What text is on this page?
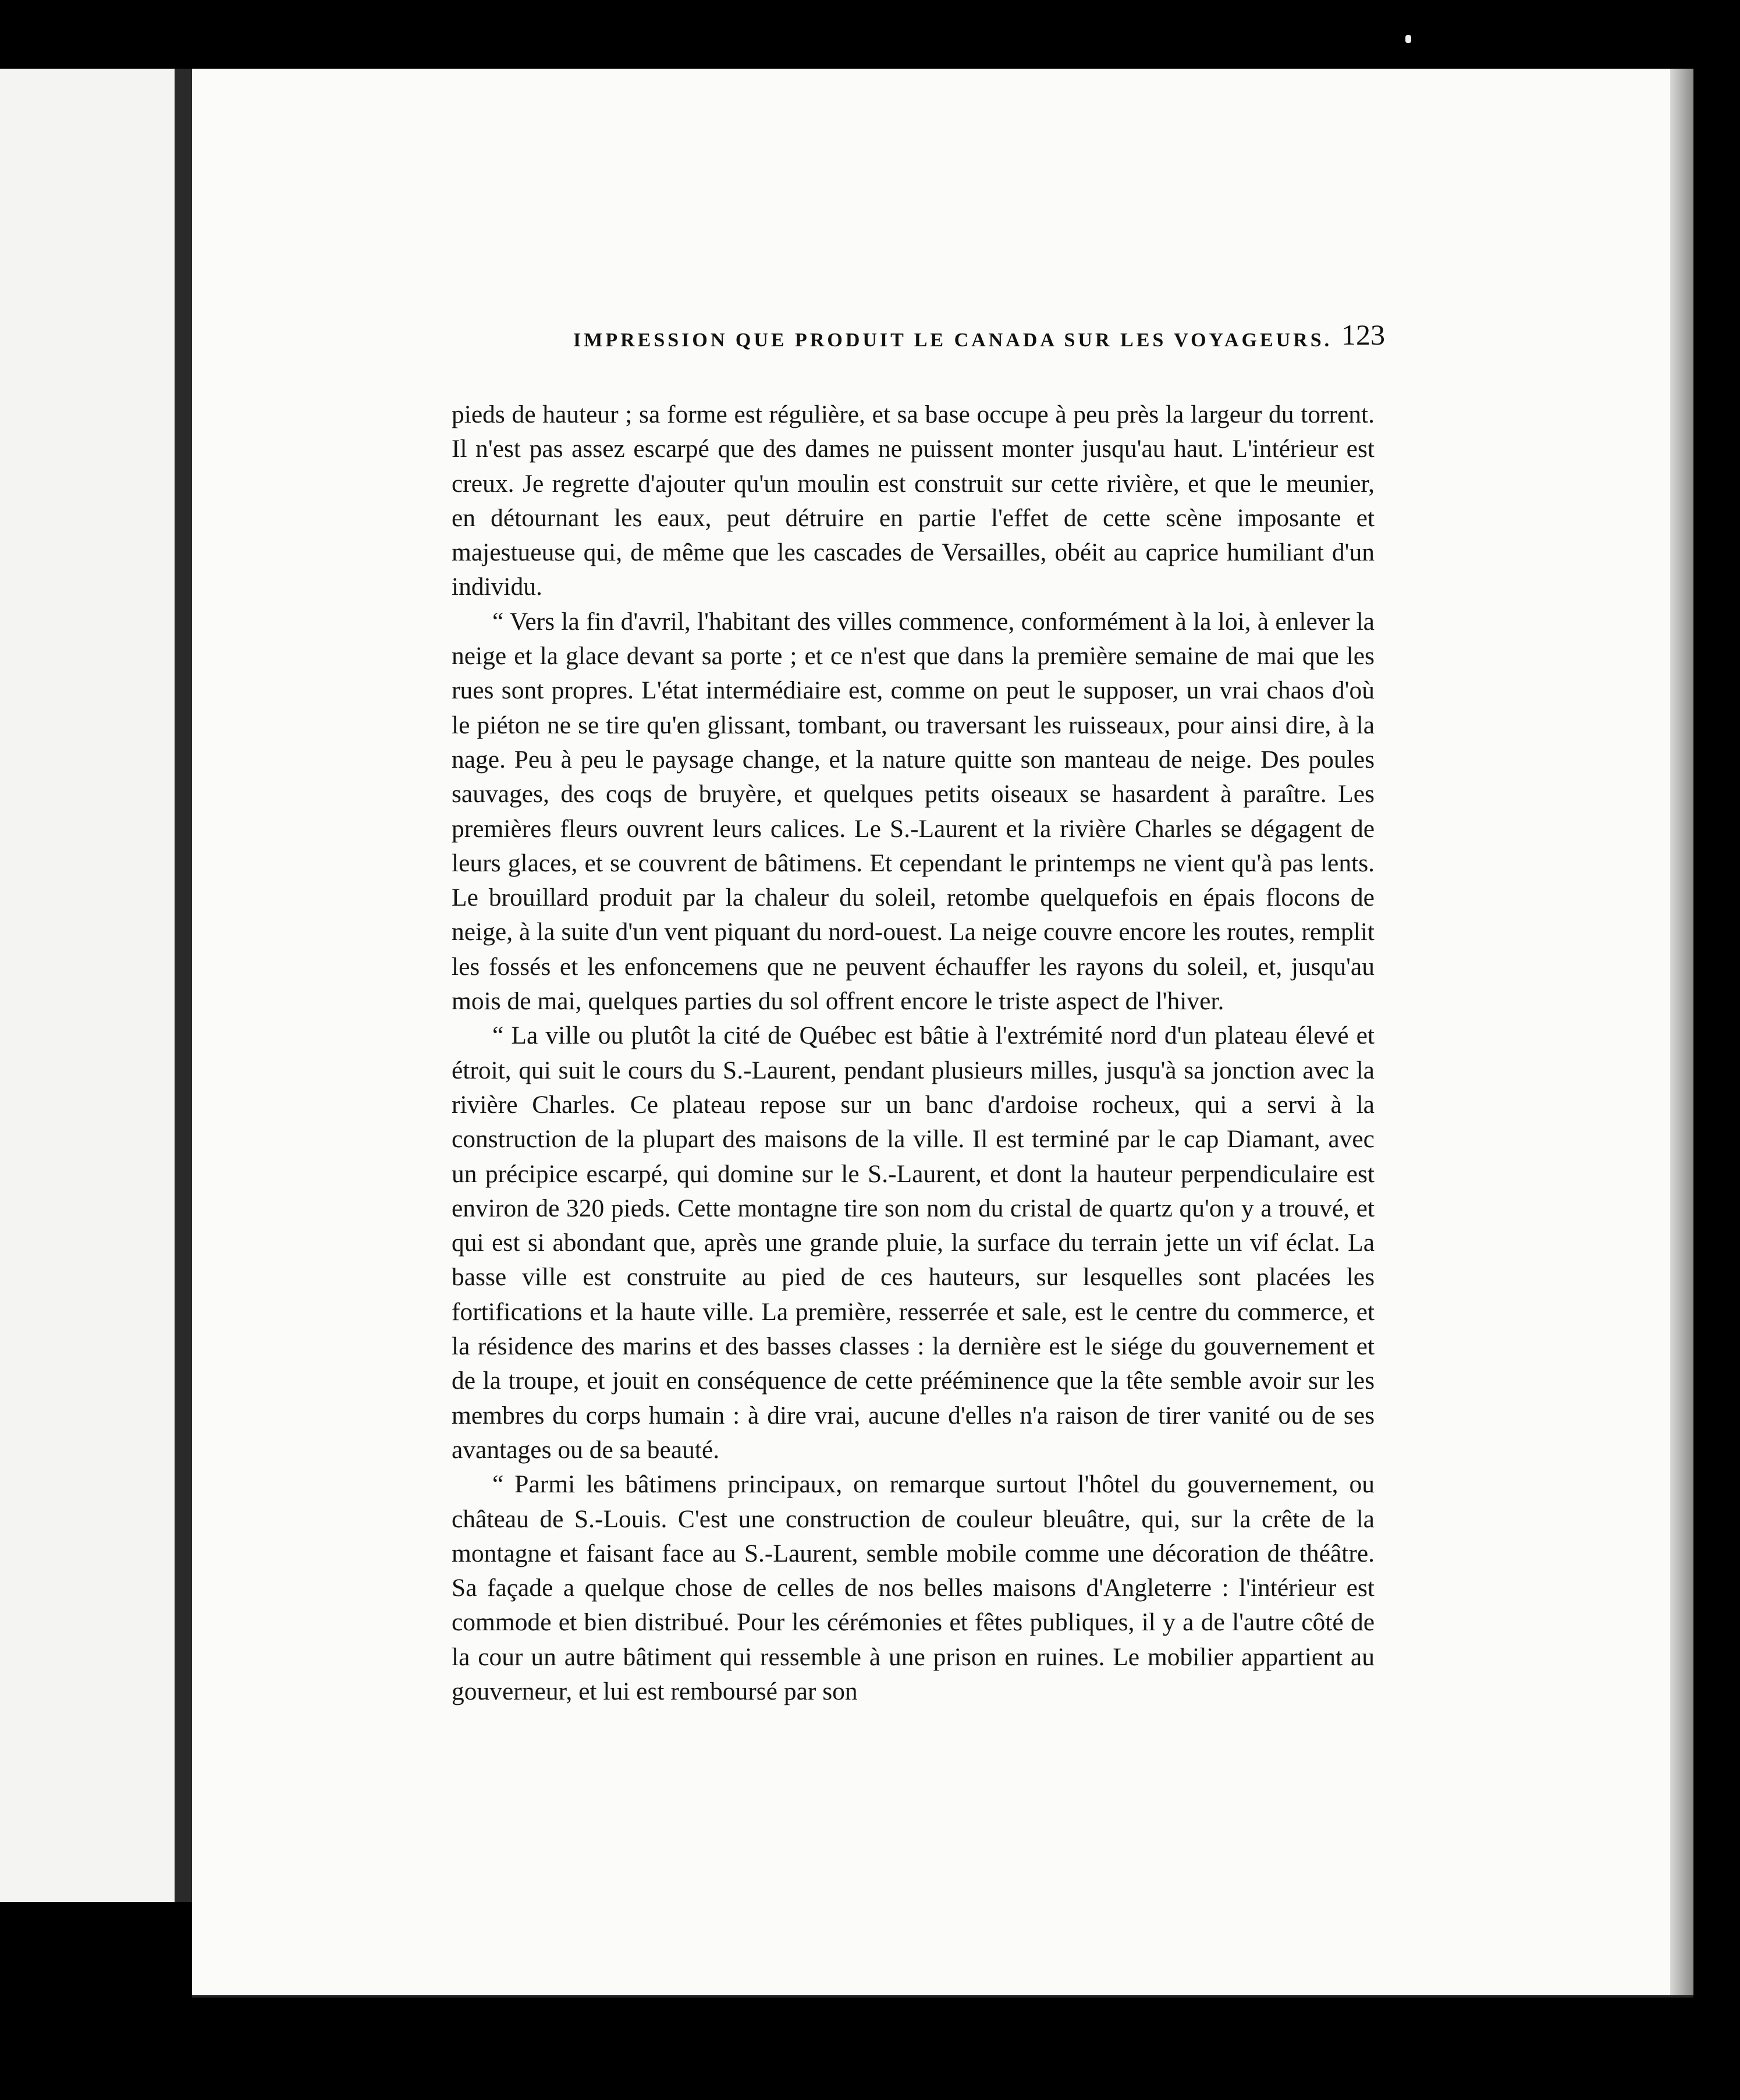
IMPRESSION QUE PRODUIT LE CANADA SUR LES VOYAGEURS. 123

pieds de hauteur ; sa forme est régulière, et sa base occupe à peu près la largeur du torrent. Il n'est pas assez escarpé que des dames ne puissent monter jusqu'au haut. L'intérieur est creux. Je regrette d'ajouter qu'un moulin est construit sur cette rivière, et que le meunier, en détournant les eaux, peut détruire en partie l'effet de cette scène imposante et majestueuse qui, de même que les cascades de Versailles, obéit au caprice humiliant d'un individu.

“ Vers la fin d'avril, l'habitant des villes commence, conformément à la loi, à enlever la neige et la glace devant sa porte ; et ce n'est que dans la première semaine de mai que les rues sont propres. L'état intermédiaire est, comme on peut le supposer, un vrai chaos d'où le piéton ne se tire qu'en glissant, tombant, ou traversant les ruisseaux, pour ainsi dire, à la nage. Peu à peu le paysage change, et la nature quitte son manteau de neige. Des poules sauvages, des coqs de bruyère, et quelques petits oiseaux se hasardent à paraître. Les premières fleurs ouvrent leurs calices. Le S.-Laurent et la rivière Charles se dégagent de leurs glaces, et se couvrent de bâtimens. Et cependant le printemps ne vient qu'à pas lents. Le brouillard produit par la chaleur du soleil, retombe quelquefois en épais flocons de neige, à la suite d'un vent piquant du nord-ouest. La neige couvre encore les routes, remplit les fossés et les enfoncemens que ne peuvent échauffer les rayons du soleil, et, jusqu'au mois de mai, quelques parties du sol offrent encore le triste aspect de l'hiver.

“ La ville ou plutôt la cité de Québec est bâtie à l'extrémité nord d'un plateau élevé et étroit, qui suit le cours du S.-Laurent, pendant plusieurs milles, jusqu'à sa jonction avec la rivière Charles. Ce plateau repose sur un banc d'ardoise rocheux, qui a servi à la construction de la plupart des maisons de la ville. Il est terminé par le cap Diamant, avec un précipice escarpé, qui domine sur le S.-Laurent, et dont la hauteur perpendiculaire est environ de 320 pieds. Cette montagne tire son nom du cristal de quartz qu'on y a trouvé, et qui est si abondant que, après une grande pluie, la surface du terrain jette un vif éclat. La basse ville est construite au pied de ces hauteurs, sur lesquelles sont placées les fortifications et la haute ville. La première, resserrée et sale, est le centre du commerce, et la résidence des marins et des basses classes : la dernière est le siége du gouvernement et de la troupe, et jouit en conséquence de cette prééminence que la tête semble avoir sur les membres du corps humain : à dire vrai, aucune d'elles n'a raison de tirer vanité ou de ses avantages ou de sa beauté.

“ Parmi les bâtimens principaux, on remarque surtout l'hôtel du gouvernement, ou château de S.-Louis. C'est une construction de couleur bleuâtre, qui, sur la crête de la montagne et faisant face au S.-Laurent, semble mobile comme une décoration de théâtre. Sa façade a quelque chose de celles de nos belles maisons d'Angleterre : l'intérieur est commode et bien distribué. Pour les cérémonies et fêtes publiques, il y a de l'autre côté de la cour un autre bâtiment qui ressemble à une prison en ruines. Le mobilier appartient au gouverneur, et lui est remboursé par son
